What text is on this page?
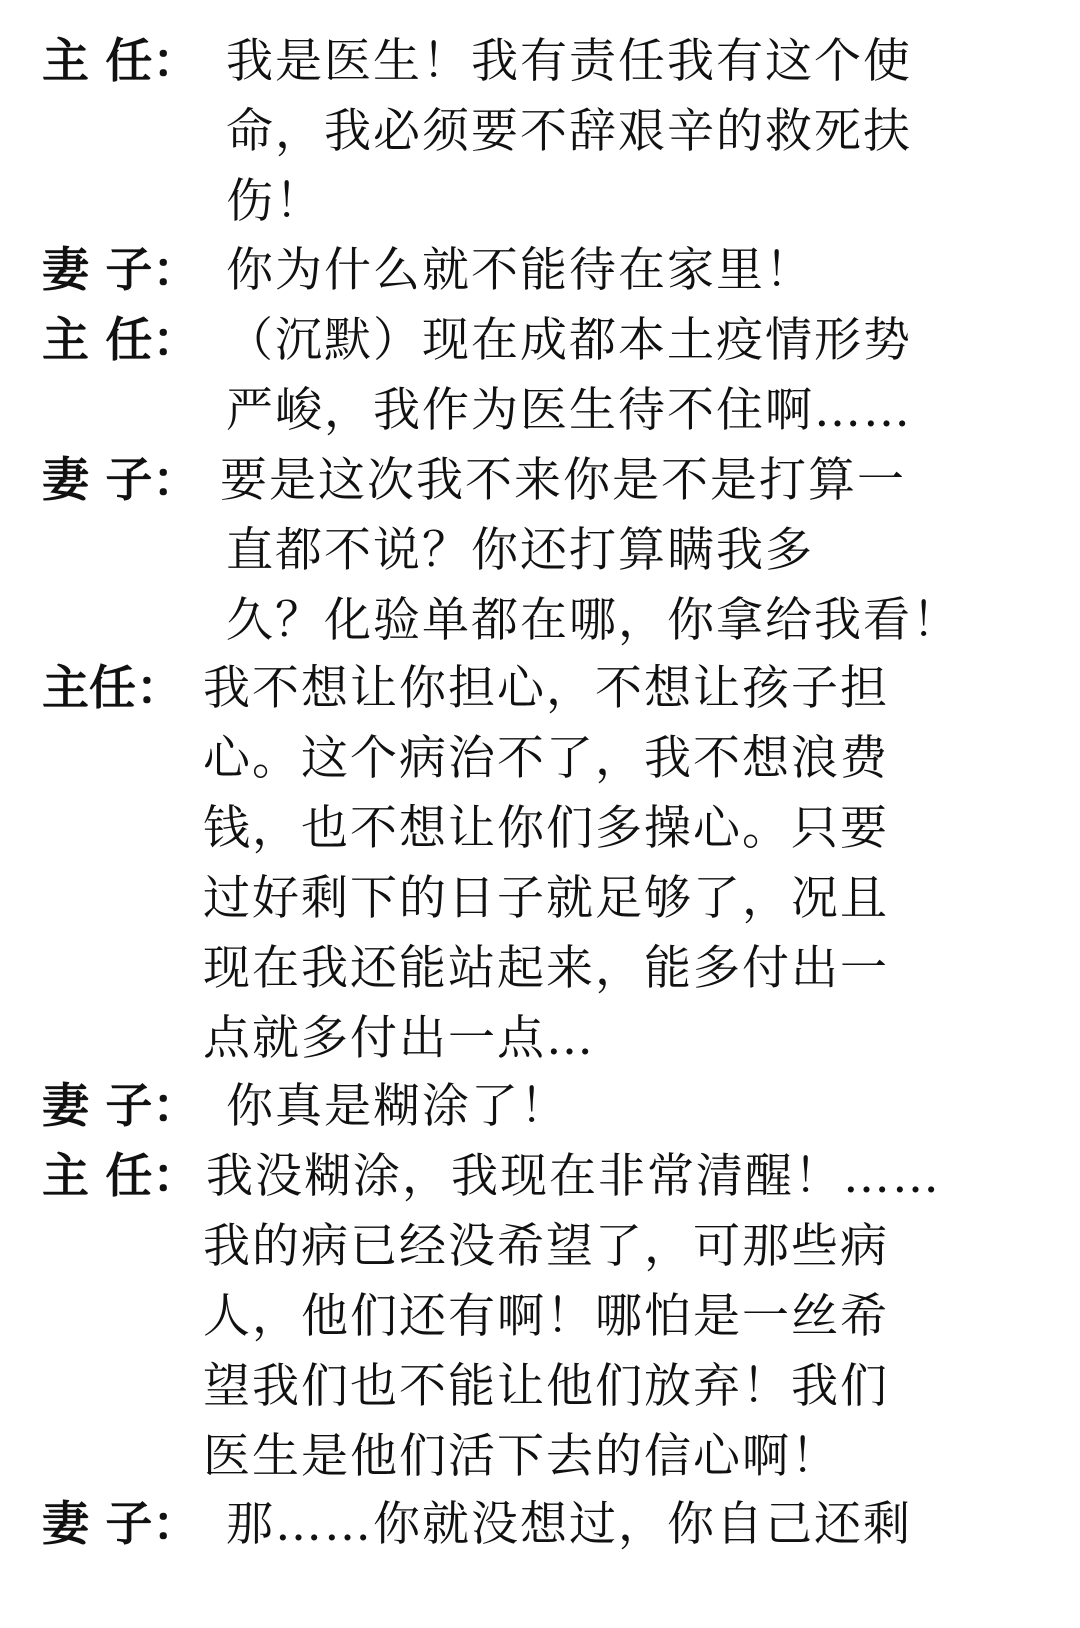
主 任： 我是医生！我有责任我有这个使
命，我必须要不辞艰辛的救死扶
伤！
妻 子： 你为什么就不能待在家里！
主 任： （沉默）现在成都本土疫情形势
严峻，我作为医生待不住啊……
妻 子： 要是这次我不来你是不是打算一
直都不说？你还打算瞒我多
久？化验单都在哪，你拿给我看！
主任： 我不想让你担心，不想让孩子担
心。这个病治不了，我不想浪费
钱，也不想让你们多操心。只要
过好剩下的日子就足够了，况且
现在我还能站起来，能多付出一
点就多付出一点…
妻 子： 你真是糊涂了！
主 任： 我没糊涂，我现在非常清醒！……
我的病已经没希望了，可那些病
人，他们还有啊！哪怕是一丝希
望我们也不能让他们放弃！我们
医生是他们活下去的信心啊！
妻 子： 那……你就没想过，你自己还剩
